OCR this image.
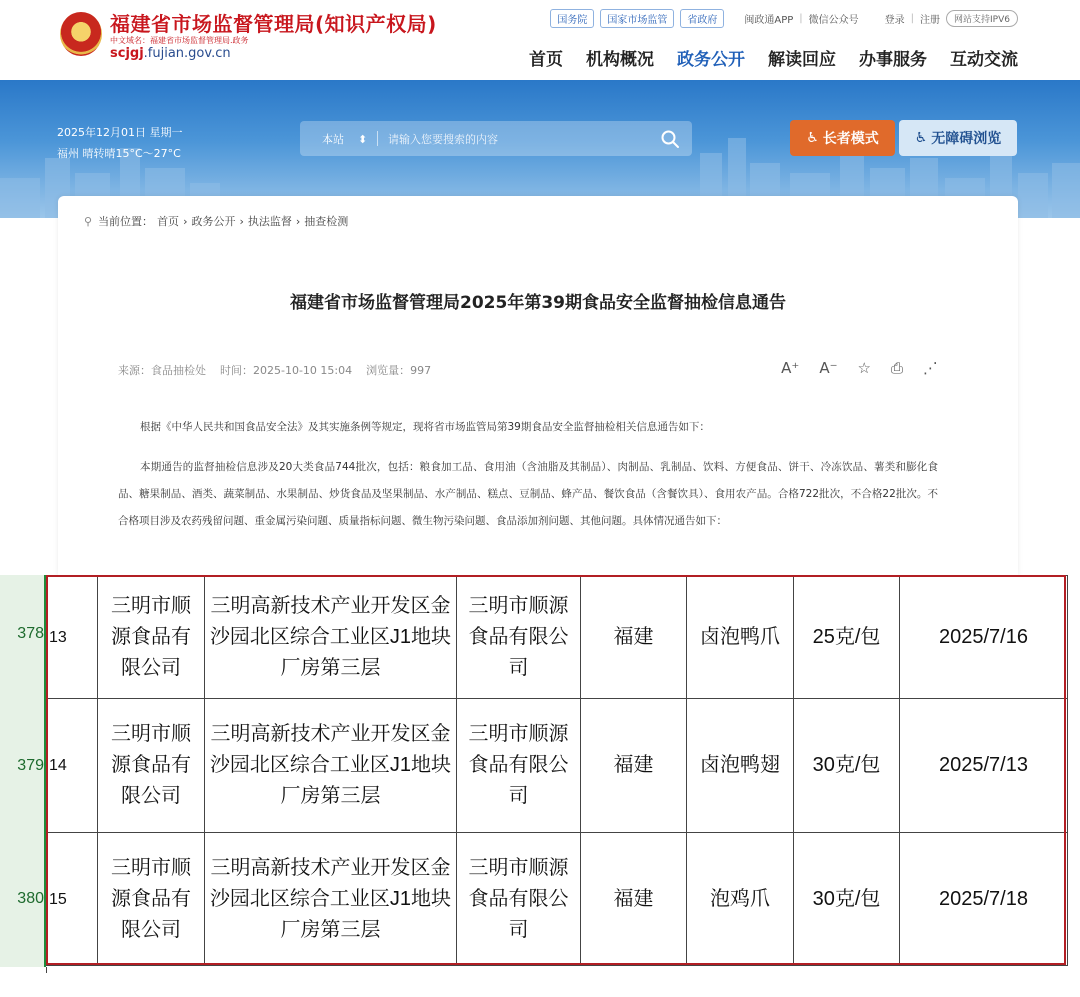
福建省市场监督管理局(知识产权局)
中文域名：福建省市场监督管理局.政务
scjgj.fujian.gov.cn
国务院	国家市场监管	省政府	闽政通APP | 微信公众号	登录 | 注册	网站支持IPV6
首页 机构概况 政务公开 解读回应 办事服务 互动交流
2025年12月01日 星期一
福州 晴转晴15°C～27°C
本站 ⬍
请输入您要搜索的内容	♿︎ 长者模式	♿ 无障碍浏览
⚲ 当前位置： 首页 › 政务公开 › 执法监督 › 抽查检测
福建省市场监督管理局2025年第39期食品安全监督抽检信息通告
来源：食品抽检处 时间：2025-10-10 15:04 浏览量：997	A⁺ A⁻ ☆ ⎙ ⋰
根据《中华人民共和国食品安全法》及其实施条例等规定，现将省市场监管局第39期食品安全监督抽检相关信息通告如下：
本期通告的监督抽检信息涉及20大类食品744批次，包括：粮食加工品、食用油（含油脂及其制品）、肉制品、乳制品、饮料、方便食品、饼干、冷冻饮品、薯类和膨化食品、糖果制品、酒类、蔬菜制品、水果制品、炒货食品及坚果制品、水产制品、糕点、豆制品、蜂产品、餐饮食品（含餐饮具）、食用农产品。合格722批次，不合格22批次。不合格项目涉及农药残留问题、重金属污染问题、质量指标问题、微生物污染问题、食品添加剂问题、其他问题。具体情况通告如下：
378
379
380
13	三明市顺源食品有限公司	三明高新技术产业开发区金沙园北区综合工业区J1地块厂房第三层	三明市顺源食品有限公司	福建	卤泡鸭爪	25克/包	2025/7/16
14	三明市顺源食品有限公司	三明高新技术产业开发区金沙园北区综合工业区J1地块厂房第三层	三明市顺源食品有限公司	福建	卤泡鸭翅	30克/包	2025/7/13
15	三明市顺源食品有限公司	三明高新技术产业开发区金沙园北区综合工业区J1地块厂房第三层	三明市顺源食品有限公司	福建	泡鸡爪	30克/包	2025/7/18
